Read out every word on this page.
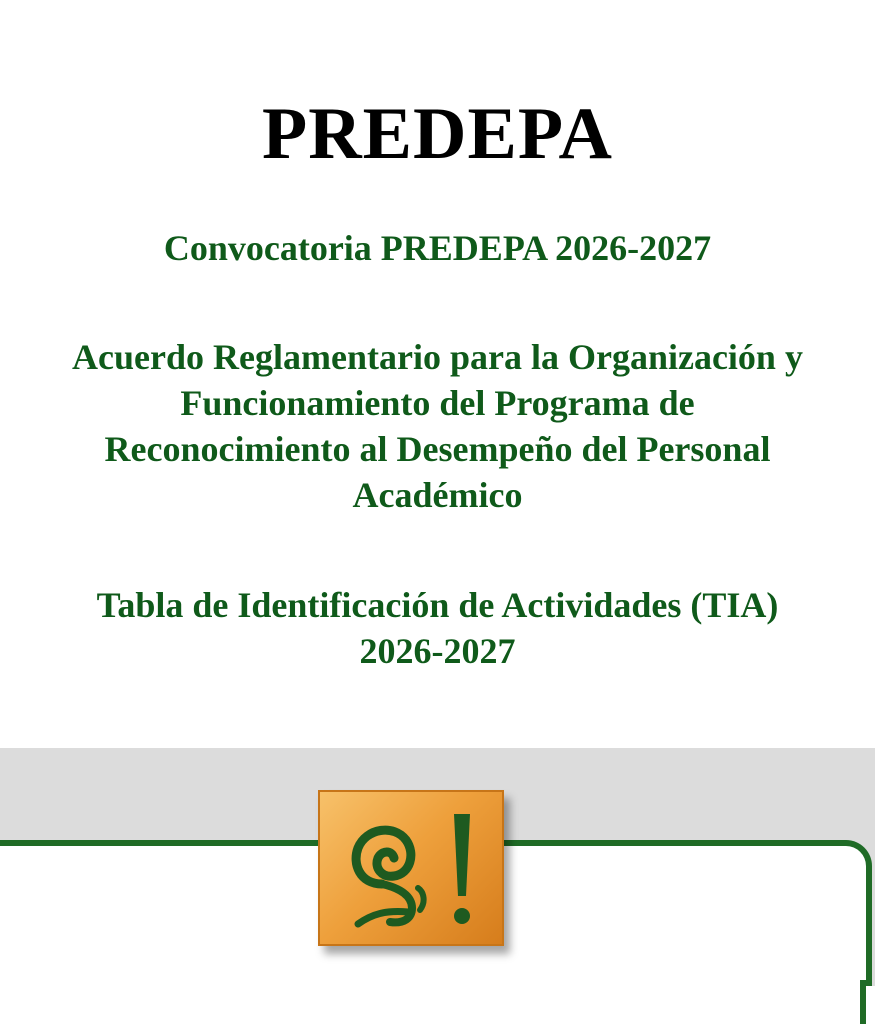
PREDEPA
Convocatoria PREDEPA 2026-2027
Acuerdo Reglamentario para la Organización y
Funcionamiento del Programa de
Reconocimiento al Desempeño del Personal
Académico
Tabla de Identificación de Actividades (TIA)
2026-2027
